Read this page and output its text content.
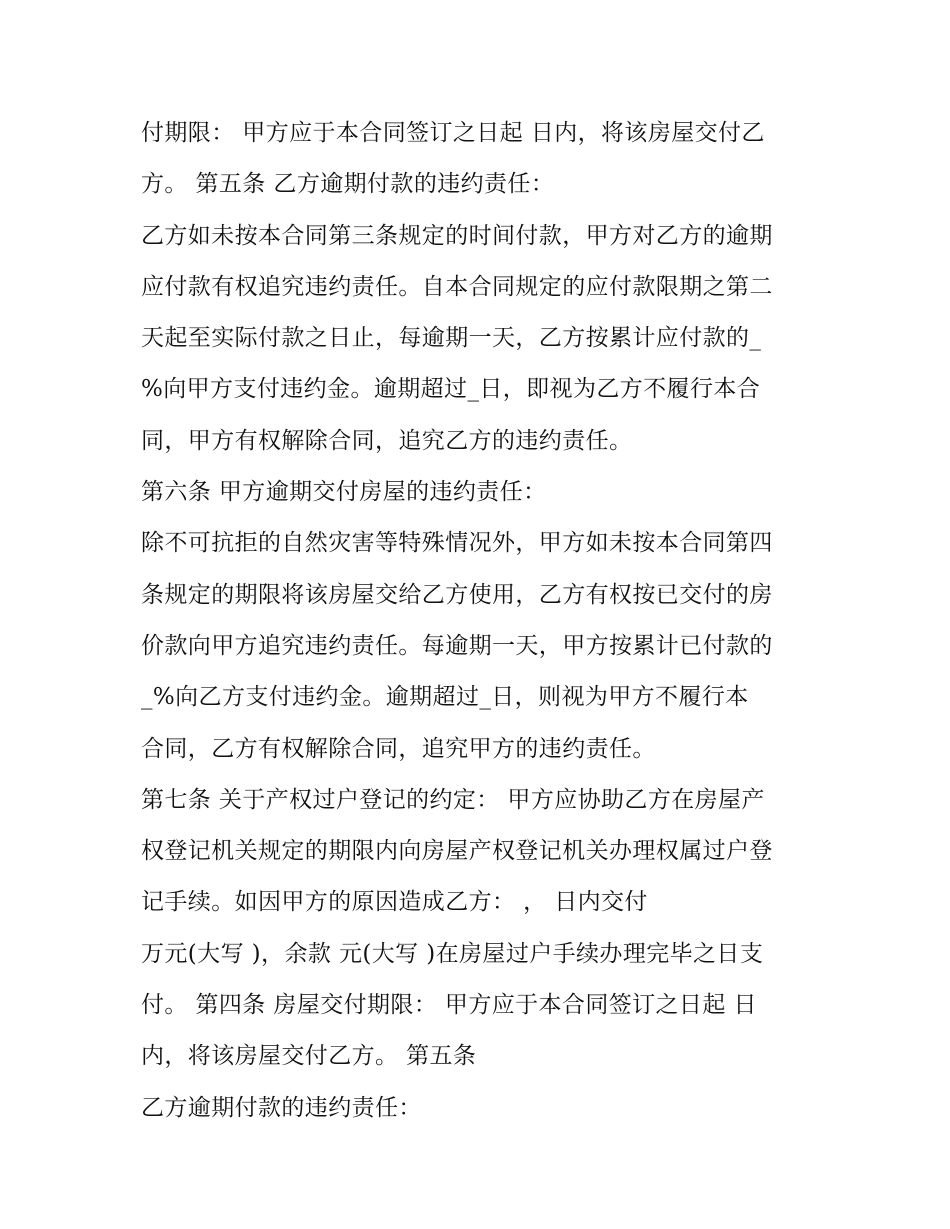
付期限： 甲方应于本合同签订之日起 日内，将该房屋交付乙
方。 第五条 乙方逾期付款的违约责任：
乙方如未按本合同第三条规定的时间付款，甲方对乙方的逾期
应付款有权追究违约责任。自本合同规定的应付款限期之第二
天起至实际付款之日止，每逾期一天，乙方按累计应付款的_
%向甲方支付违约金。逾期超过_日，即视为乙方不履行本合
同，甲方有权解除合同，追究乙方的违约责任。
第六条 甲方逾期交付房屋的违约责任：
除不可抗拒的自然灾害等特殊情况外，甲方如未按本合同第四
条规定的期限将该房屋交给乙方使用，乙方有权按已交付的房
价款向甲方追究违约责任。每逾期一天，甲方按累计已付款的
_%向乙方支付违约金。逾期超过_日，则视为甲方不履行本
合同，乙方有权解除合同，追究甲方的违约责任。
第七条 关于产权过户登记的约定： 甲方应协助乙方在房屋产
权登记机关规定的期限内向房屋产权登记机关办理权属过户登
记手续。如因甲方的原因造成乙方： ， 日内交付
万元(大写 )，余款 元(大写 )在房屋过户手续办理完毕之日支
付。 第四条 房屋交付期限： 甲方应于本合同签订之日起 日
内，将该房屋交付乙方。 第五条
乙方逾期付款的违约责任：
